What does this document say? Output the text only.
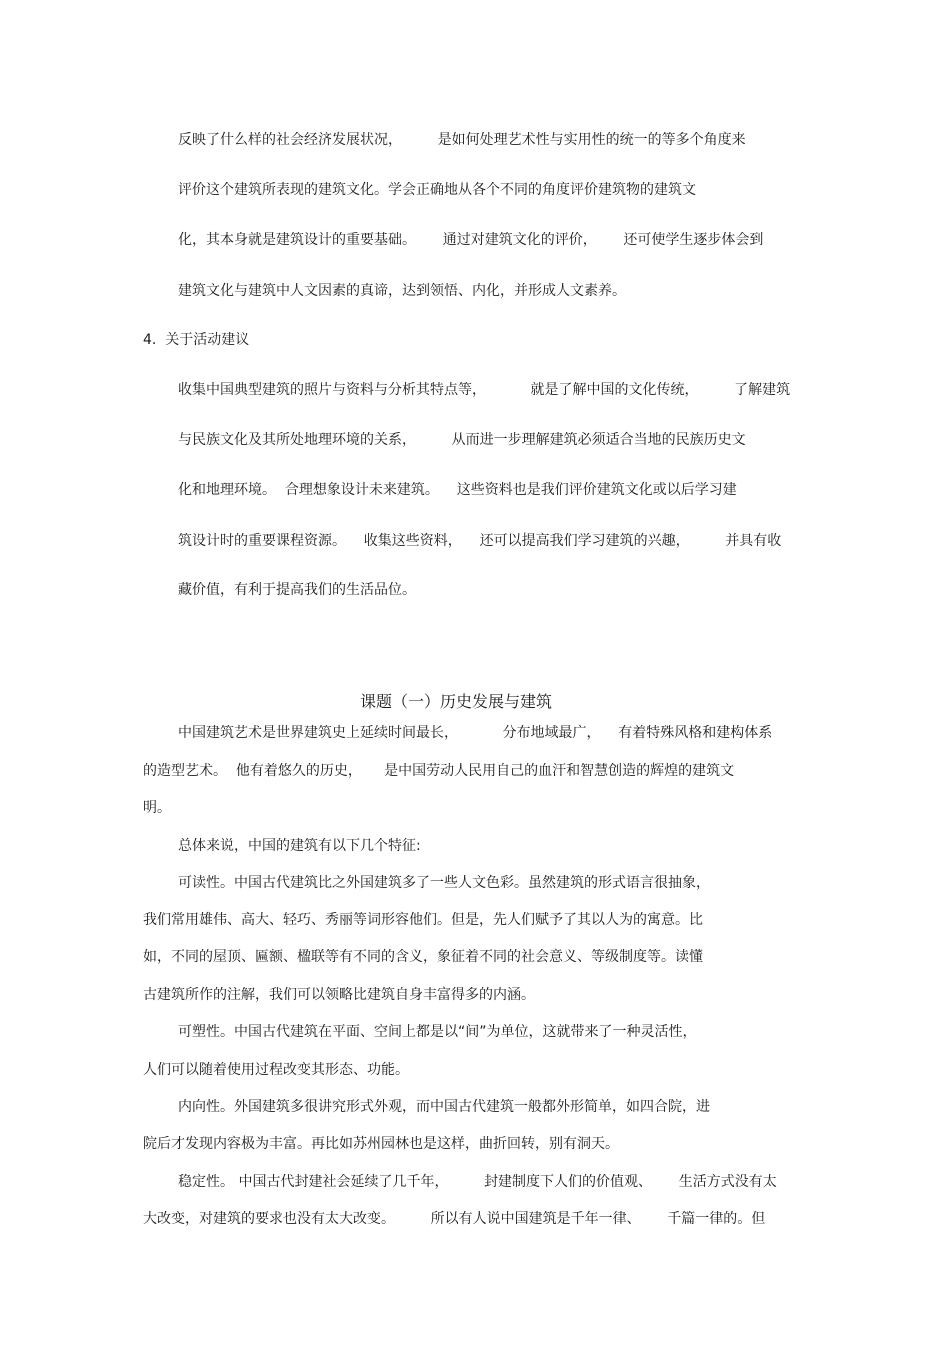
反映了什么样的社会经济发展状况，        是如何处理艺术性与实用性的统一的等多个角度来
评价这个建筑所表现的建筑文化。学会正确地从各个不同的角度评价建筑物的建筑文
化，其本身就是建筑设计的重要基础。      通过对建筑文化的评价，      还可使学生逐步体会到
建筑文化与建筑中人文因素的真谛，达到领悟、内化，并形成人文素养。
4.  关于活动建议
收集中国典型建筑的照片与资料与分析其特点等，          就是了解中国的文化传统，        了解建筑
与民族文化及其所处地理环境的关系，        从而进一步理解建筑必须适合当地的民族历史文
化和地理环境。  合理想象设计未来建筑。    这些资料也是我们评价建筑文化或以后学习建
筑设计时的重要课程资源。    收集这些资料，    还可以提高我们学习建筑的兴趣，        并具有收
藏价值，有利于提高我们的生活品位。
课题（一）历史发展与建筑
中国建筑艺术是世界建筑史上延续时间最长，          分布地域最广，    有着特殊风格和建构体系
的造型艺术。  他有着悠久的历史，     是中国劳动人民用自己的血汗和智慧创造的辉煌的建筑文
明。
总体来说，中国的建筑有以下几个特征:
可读性。中国古代建筑比之外国建筑多了一些人文色彩。虽然建筑的形式语言很抽象，
我们常用雄伟、高大、轻巧、秀丽等词形容他们。但是，先人们赋予了其以人为的寓意。比
如，不同的屋顶、匾额、楹联等有不同的含义，象征着不同的社会意义、等级制度等。读懂
古建筑所作的注解，我们可以领略比建筑自身丰富得多的内涵。
可塑性。中国古代建筑在平面、空间上都是以“间”为单位，这就带来了一种灵活性，
人们可以随着使用过程改变其形态、功能。
内向性。外国建筑多很讲究形式外观，而中国古代建筑一般都外形简单，如四合院，进
院后才发现内容极为丰富。再比如苏州园林也是这样，曲折回转，别有洞天。
稳定性。 中国古代封建社会延续了几千年，        封建制度下人们的价值观、      生活方式没有太
大改变，对建筑的要求也没有太大改变。        所以有人说中国建筑是千年一律、      千篇一律的。但
